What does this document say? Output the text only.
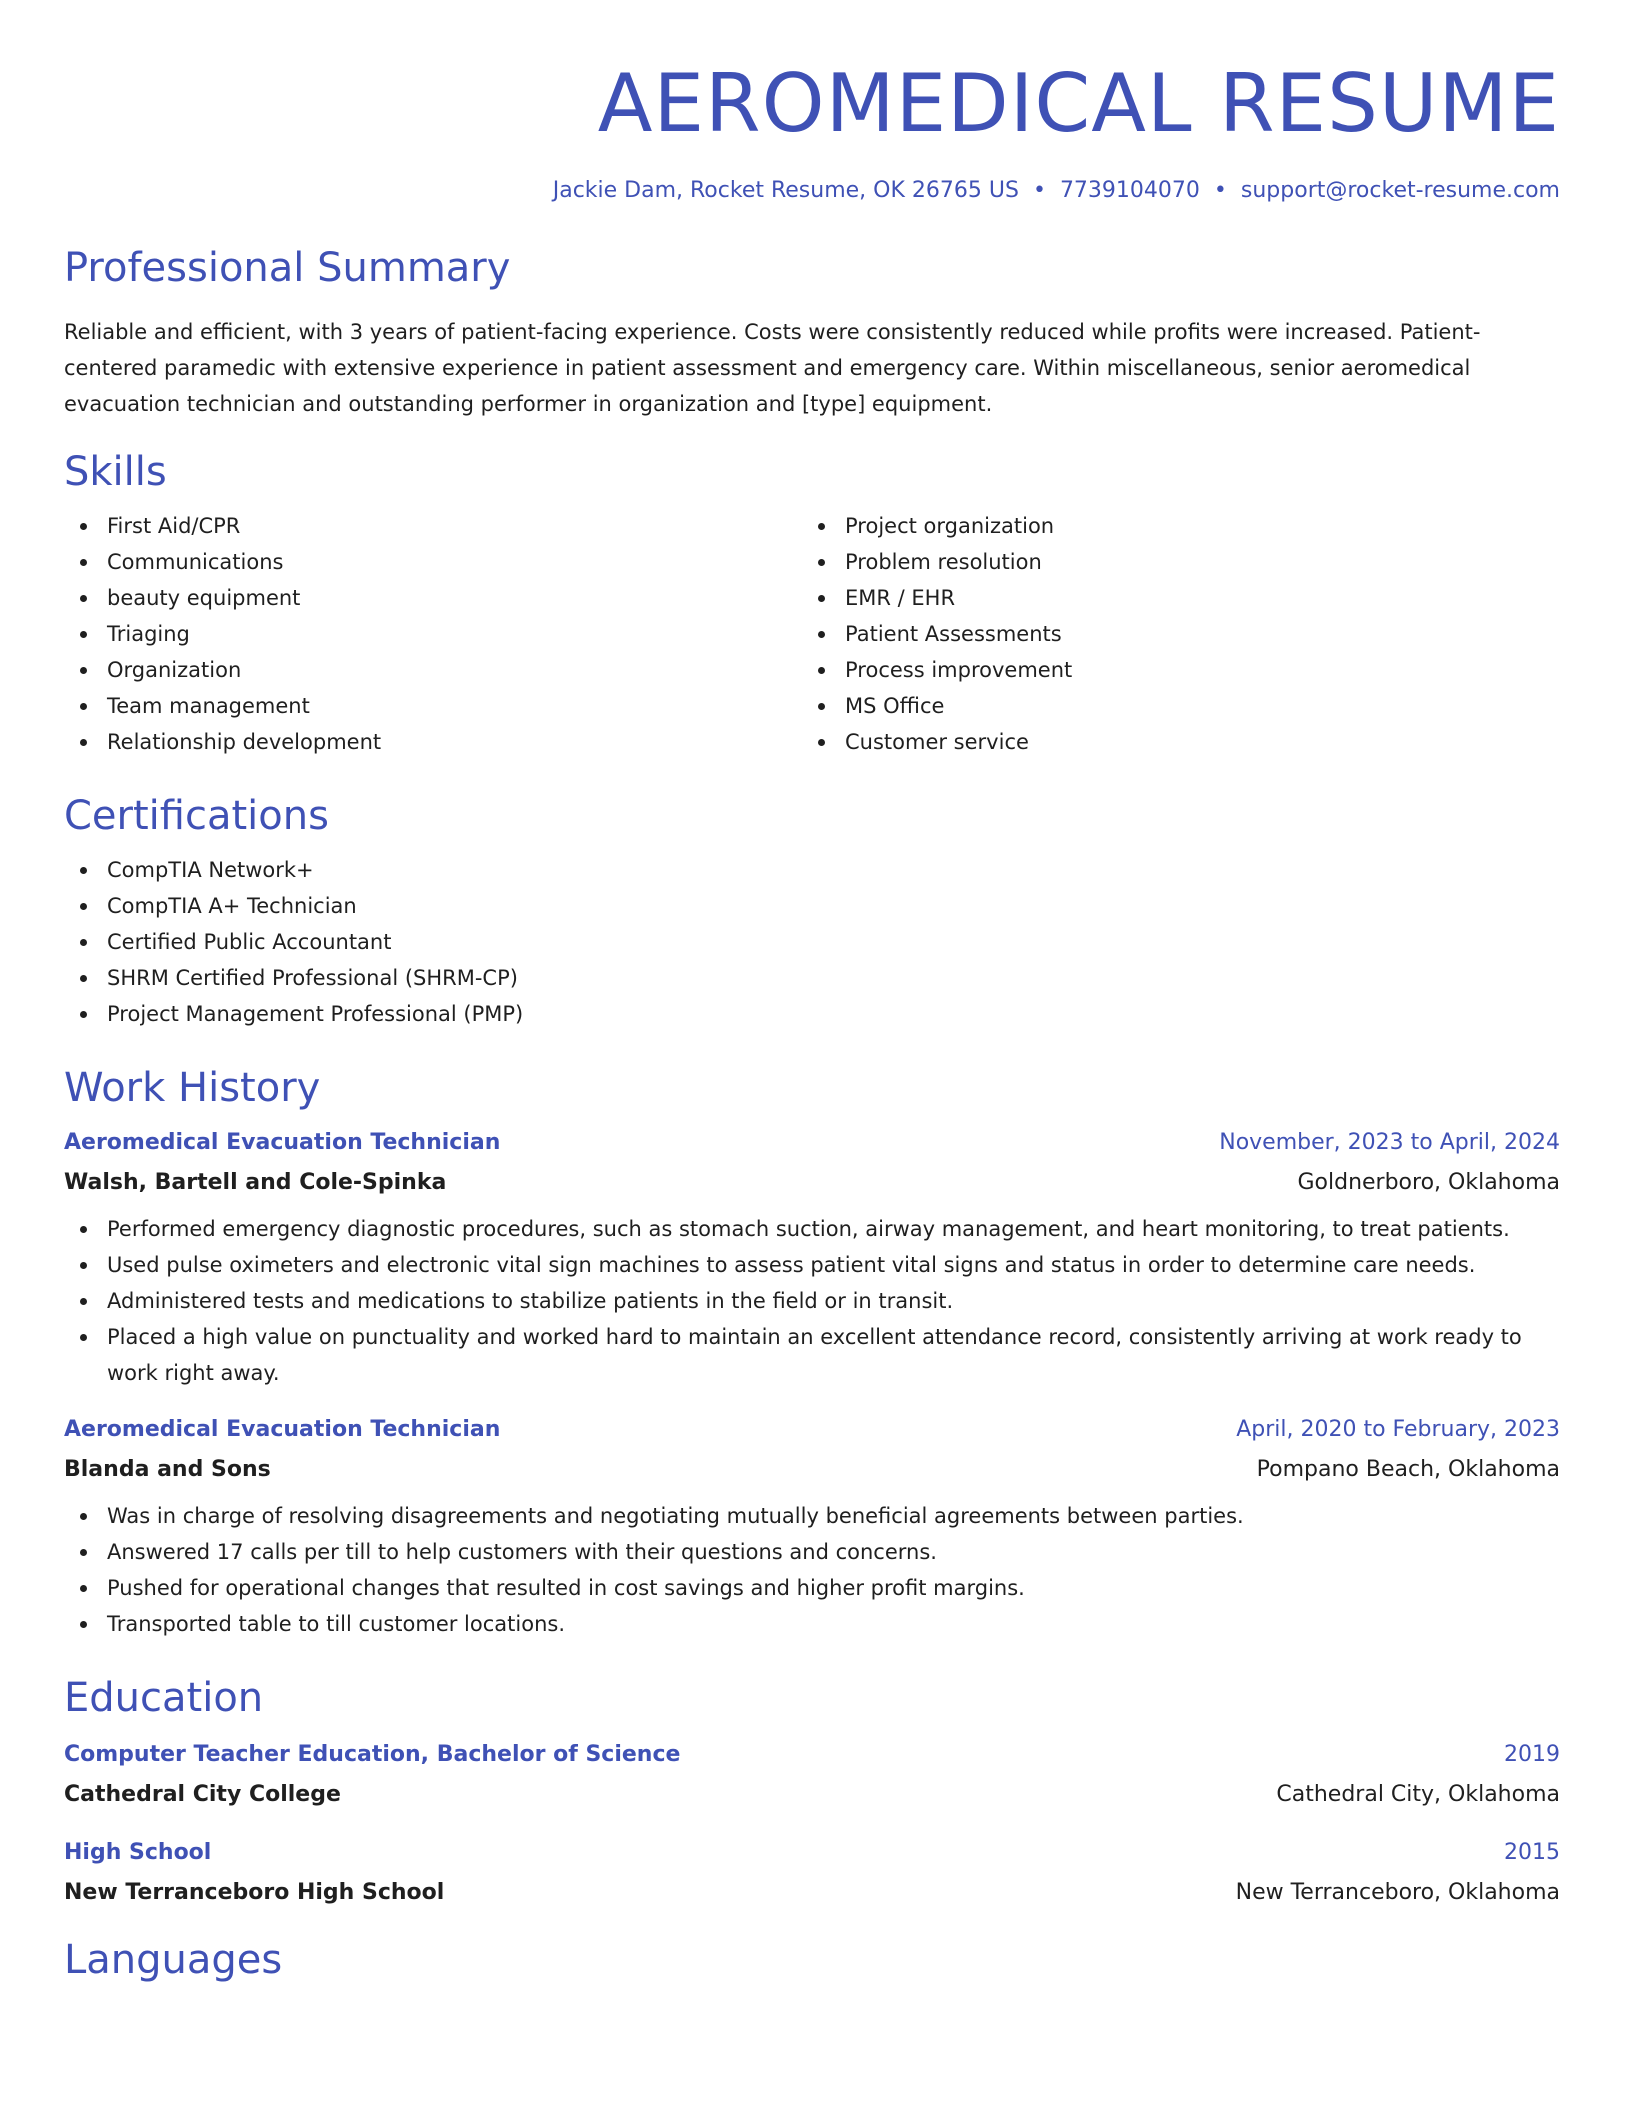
AEROMEDICAL RESUME
Jackie Dam, Rocket Resume, OK 26765 US • 7739104070 • support@rocket-resume.com
Professional Summary
Reliable and efficient, with 3 years of patient-facing experience. Costs were consistently reduced while profits were increased. Patient-centered paramedic with extensive experience in patient assessment and emergency care. Within miscellaneous, senior aeromedical evacuation technician and outstanding performer in organization and [type] equipment.
Skills
First Aid/CPR
Communications
beauty equipment
Triaging
Organization
Team management
Relationship development
Project organization
Problem resolution
EMR / EHR
Patient Assessments
Process improvement
MS Office
Customer service
Certifications
CompTIA Network+
CompTIA A+ Technician
Certified Public Accountant
SHRM Certified Professional (SHRM-CP)
Project Management Professional (PMP)
Work History
Aeromedical Evacuation Technician	November, 2023 to April, 2024
Walsh, Bartell and Cole-Spinka	Goldnerboro, Oklahoma
Performed emergency diagnostic procedures, such as stomach suction, airway management, and heart monitoring, to treat patients.
Used pulse oximeters and electronic vital sign machines to assess patient vital signs and status in order to determine care needs.
Administered tests and medications to stabilize patients in the field or in transit.
Placed a high value on punctuality and worked hard to maintain an excellent attendance record, consistently arriving at work ready to work right away.
Aeromedical Evacuation Technician	April, 2020 to February, 2023
Blanda and Sons	Pompano Beach, Oklahoma
Was in charge of resolving disagreements and negotiating mutually beneficial agreements between parties.
Answered 17 calls per till to help customers with their questions and concerns.
Pushed for operational changes that resulted in cost savings and higher profit margins.
Transported table to till customer locations.
Education
Computer Teacher Education, Bachelor of Science	2019
Cathedral City College	Cathedral City, Oklahoma
High School	2015
New Terranceboro High School	New Terranceboro, Oklahoma
Languages
